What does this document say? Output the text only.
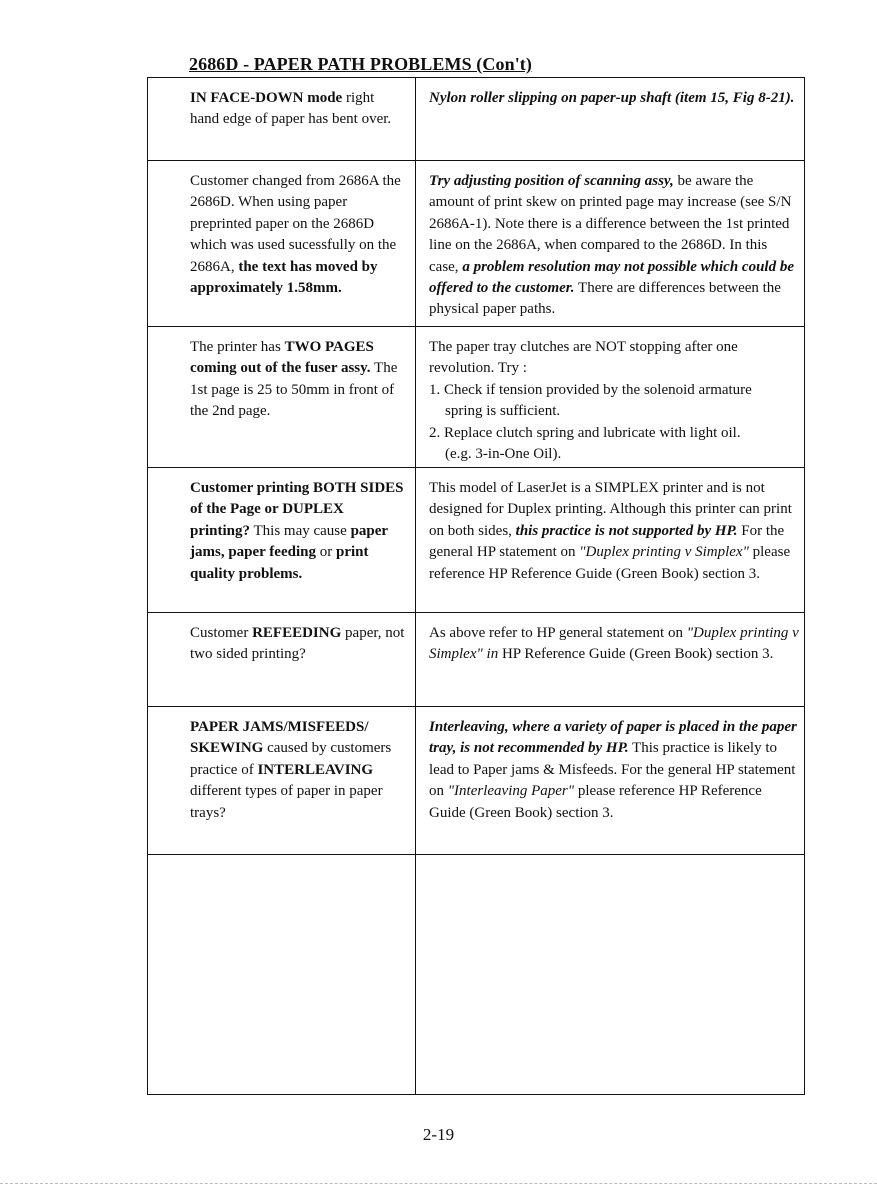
2686D - PAPER PATH PROBLEMS (Con't)

IN FACE-DOWN mode right hand edge of paper has bent over.

Nylon roller slipping on paper-up shaft (item 15, Fig 8-21).

Customer changed from 2686A the 2686D. When using paper preprinted paper on the 2686D which was used sucessfully on the 2686A, the text has moved by approximately 1.58mm.

Try adjusting position of scanning assy, be aware the amount of print skew on printed page may increase (see S/N 2686A-1). Note there is a difference between the 1st printed line on the 2686A, when compared to the 2686D. In this case, a problem resolution may not possible which could be offered to the customer. There are differences between the physical paper paths.

The printer has TWO PAGES coming out of the fuser assy. The 1st page is 25 to 50mm in front of the 2nd page.

The paper tray clutches are NOT stopping after one revolution. Try :

1. Check if tension provided by the solenoid armature
spring is sufficient.

2. Replace clutch spring and lubricate with light oil.
(e.g. 3-in-One Oil).

Customer printing BOTH SIDES of the Page or DUPLEX printing? This may cause paper jams, paper feeding or print quality problems.

This model of LaserJet is a SIMPLEX printer and is not designed for Duplex printing. Although this printer can print on both sides, this practice is not supported by HP. For the general HP statement on "Duplex printing v Simplex" please reference HP Reference Guide (Green Book) section 3.

Customer REFEEDING paper, not two sided printing?

As above refer to HP general statement on "Duplex printing v Simplex" in HP Reference Guide (Green Book) section 3.

PAPER JAMS/MISFEEDS/ SKEWING caused by customers practice of INTERLEAVING different types of paper in paper trays?

Interleaving, where a variety of paper is placed in the paper tray, is not recommended by HP. This practice is likely to lead to Paper jams & Misfeeds. For the general HP statement on "Interleaving Paper" please reference HP Reference Guide (Green Book) section 3.

2-19
